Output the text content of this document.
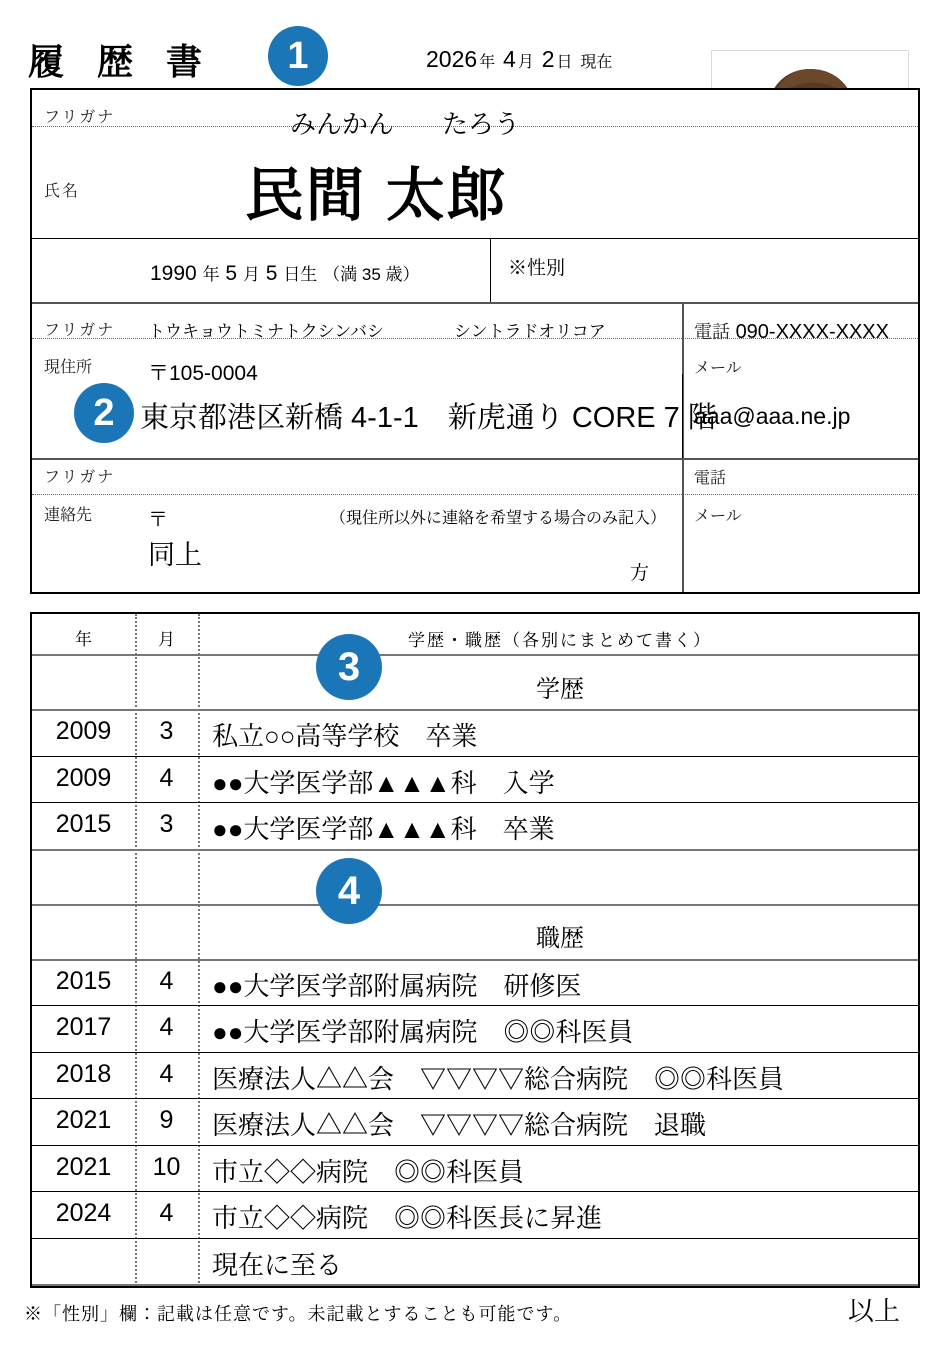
履 歴 書	2026 年 4 月 2 日 現在
1
2
3
4
フリガナ	みんかん たろう
氏名	民間 太郎
1990 年 5 月 5 日生 （満 35 歳）	※性別
フリガナ トウキョウトミナトクシンバシ	シントラドオリコア
現住所	〒105-0004
東京都港区新橋 4-1-1　新虎通り CORE 7 階
電話 090-XXXX-XXXX
メール
aaa@aaa.ne.jp
電話
メール
フリガナ
連絡先	〒	（現住所以外に連絡を希望する場合のみ記入）
同上
方
年	月	学歴・職歴（各別にまとめて書く）
学歴
2009	3	私立○○高等学校　卒業
2009	4	●●大学医学部▲▲▲科　入学
2015	3	●●大学医学部▲▲▲科　卒業
職歴
2015	4	●●大学医学部附属病院　研修医
2017	4	●●大学医学部附属病院　◎◎科医員
2018	4	医療法人△△会　▽▽▽▽総合病院　◎◎科医員
2021	9	医療法人△△会　▽▽▽▽総合病院　退職
2021	10	市立◇◇病院　◎◎科医員
2024	4	市立◇◇病院　◎◎科医長に昇進
現在に至る
以上
※「性別」欄：記載は任意です。未記載とすることも可能です。
